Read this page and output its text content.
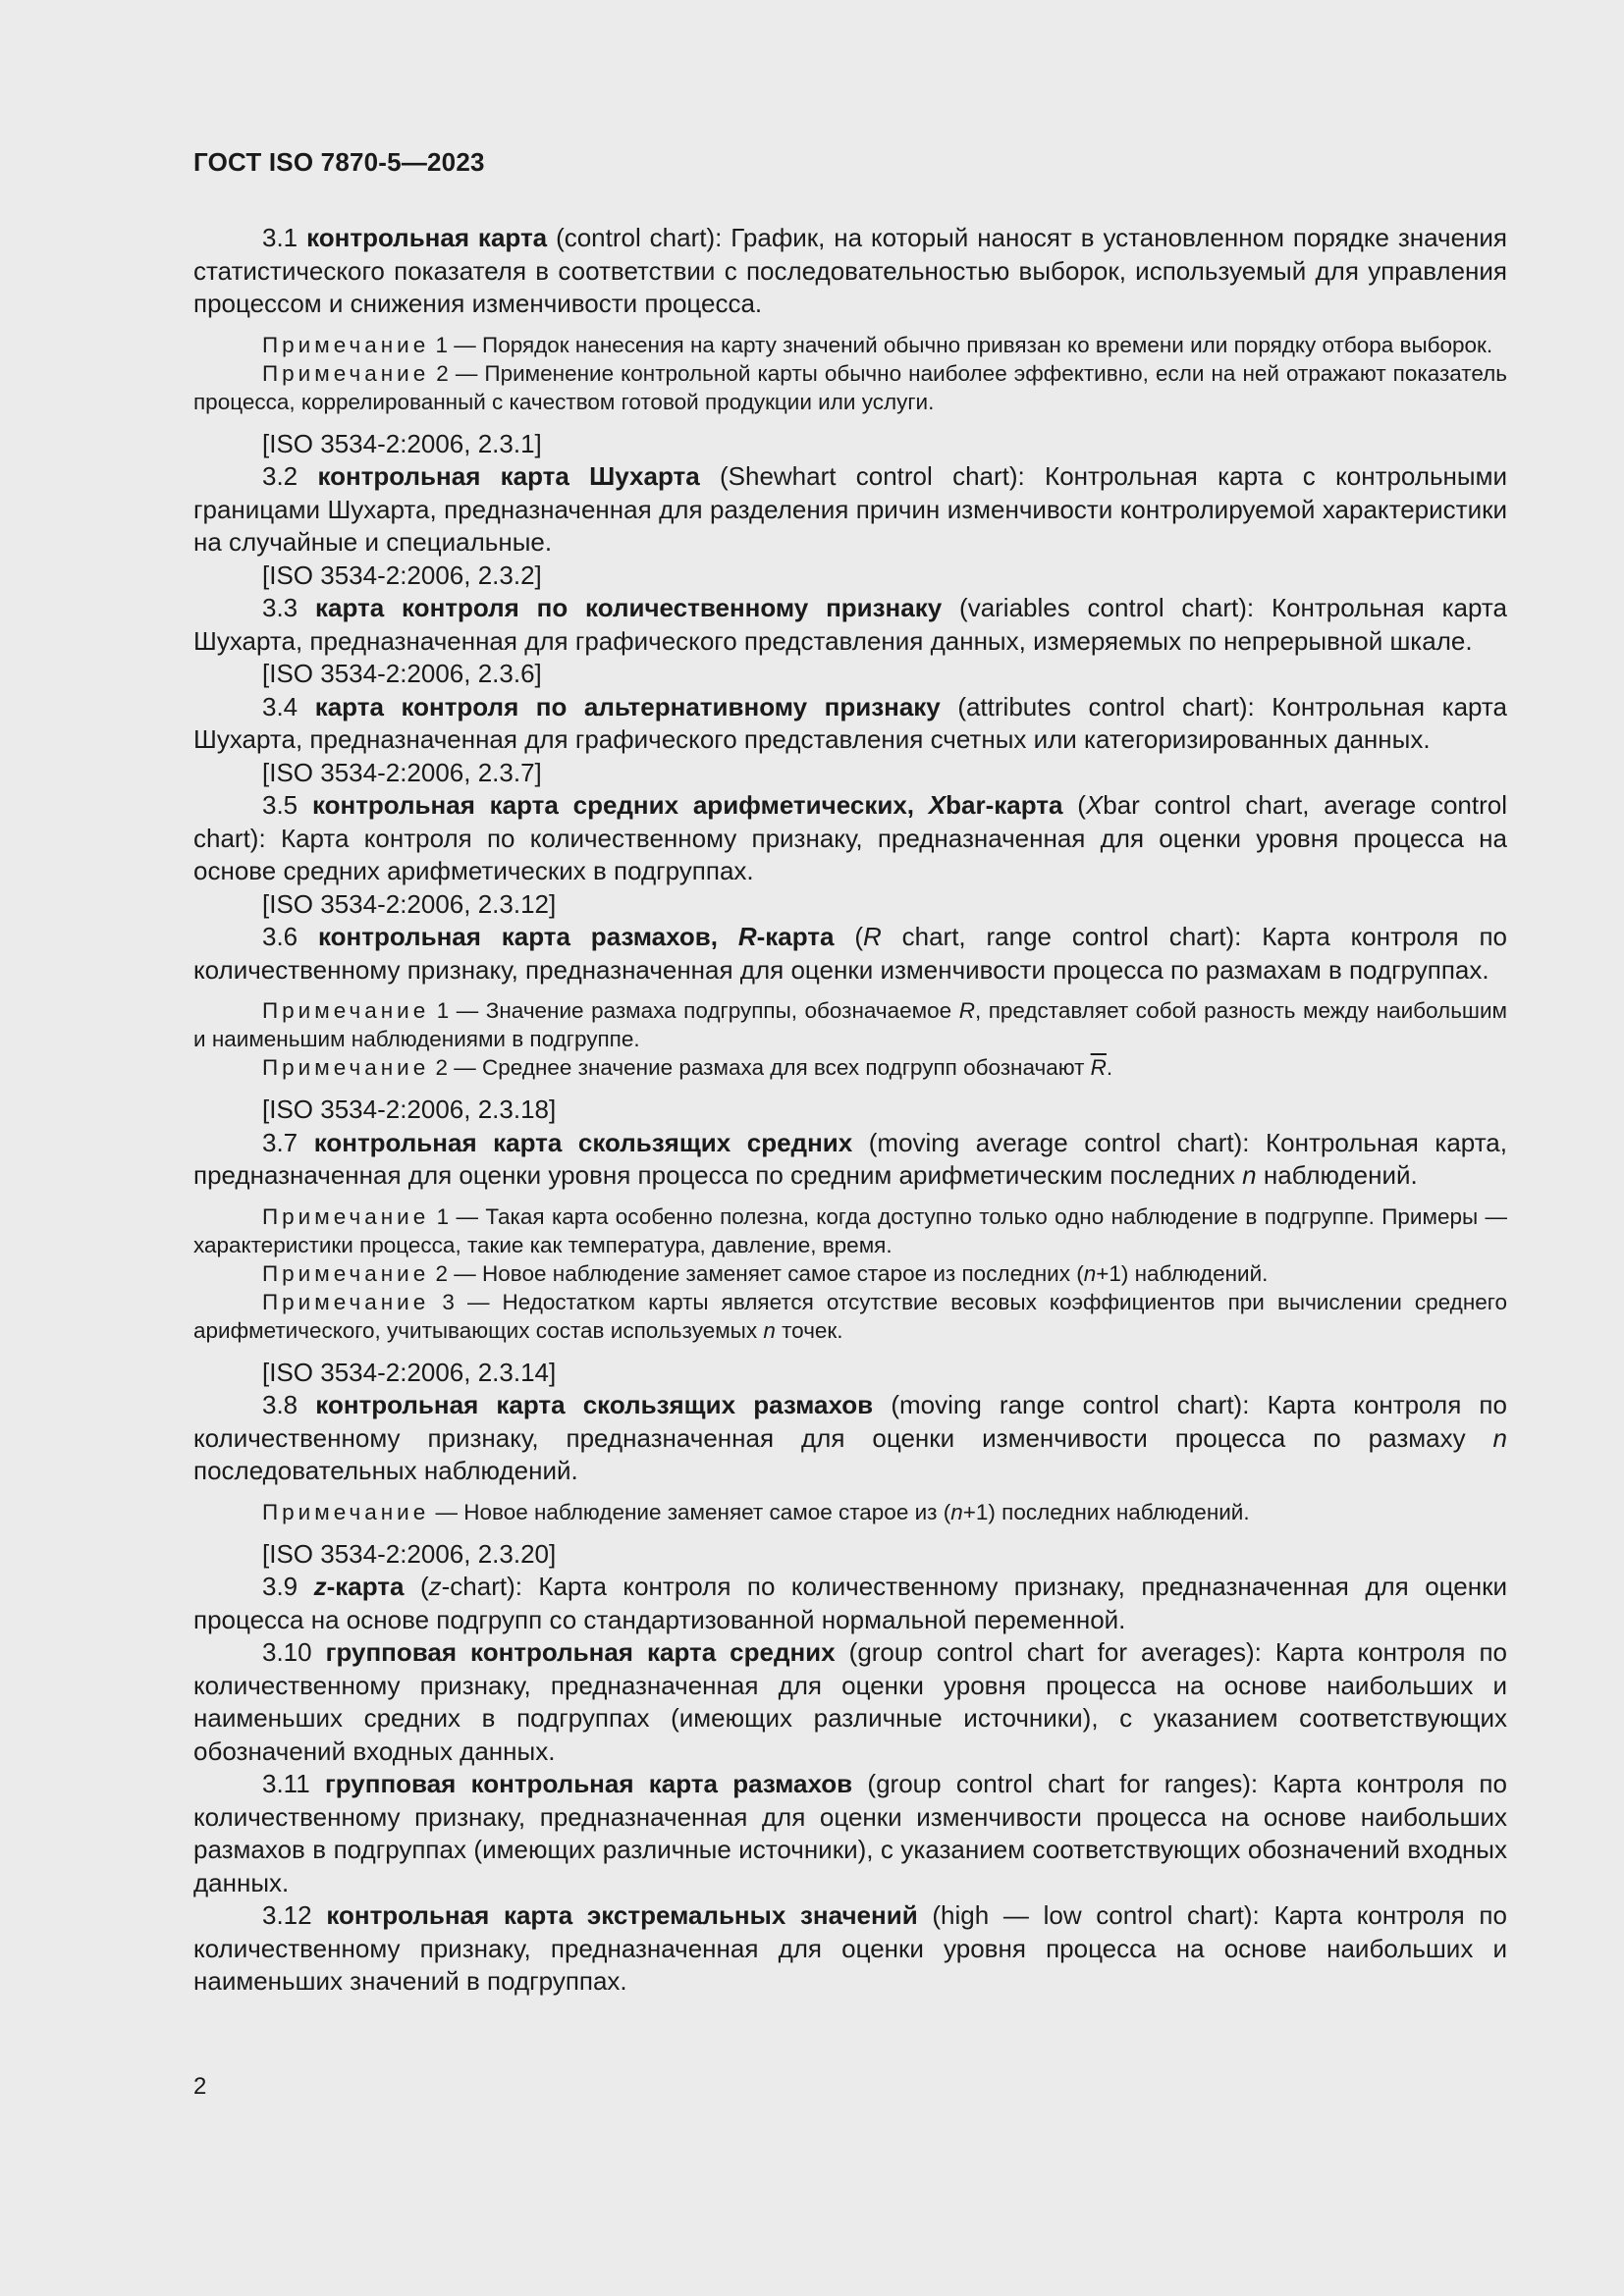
ГОСТ ISO 7870-5—2023

3.1 контрольная карта (control chart): График, на который наносят в установленном порядке значения статистического показателя в соответствии с последовательностью выборок, используемый для управления процессом и снижения изменчивости процесса.

Примечание 1 — Порядок нанесения на карту значений обычно привязан ко времени или порядку отбора выборок.

Примечание 2 — Применение контрольной карты обычно наиболее эффективно, если на ней отражают показатель процесса, коррелированный с качеством готовой продукции или услуги.

[ISO 3534-2:2006, 2.3.1]

3.2 контрольная карта Шухарта (Shewhart control chart): Контрольная карта с контрольными границами Шухарта, предназначенная для разделения причин изменчивости контролируемой характеристики на случайные и специальные.

[ISO 3534-2:2006, 2.3.2]

3.3 карта контроля по количественному признаку (variables control chart): Контрольная карта Шухарта, предназначенная для графического представления данных, измеряемых по непрерывной шкале.

[ISO 3534-2:2006, 2.3.6]

3.4 карта контроля по альтернативному признаку (attributes control chart): Контрольная карта Шухарта, предназначенная для графического представления счетных или категоризированных данных.

[ISO 3534-2:2006, 2.3.7]

3.5 контрольная карта средних арифметических, Xbar-карта (Xbar control chart, average control chart): Карта контроля по количественному признаку, предназначенная для оценки уровня процесса на основе средних арифметических в подгруппах.

[ISO 3534-2:2006, 2.3.12]

3.6 контрольная карта размахов, R-карта (R chart, range control chart): Карта контроля по количественному признаку, предназначенная для оценки изменчивости процесса по размахам в подгруппах.

Примечание 1 — Значение размаха подгруппы, обозначаемое R, представляет собой разность между наибольшим и наименьшим наблюдениями в подгруппе.

Примечание 2 — Среднее значение размаха для всех подгрупп обозначают $\overline{R}$.

[ISO 3534-2:2006, 2.3.18]

3.7 контрольная карта скользящих средних (moving average control chart): Контрольная карта, предназначенная для оценки уровня процесса по средним арифметическим последних n наблюдений.

Примечание 1 — Такая карта особенно полезна, когда доступно только одно наблюдение в подгруппе. Примеры — характеристики процесса, такие как температура, давление, время.

Примечание 2 — Новое наблюдение заменяет самое старое из последних (n+1) наблюдений.

Примечание 3 — Недостатком карты является отсутствие весовых коэффициентов при вычислении среднего арифметического, учитывающих состав используемых n точек.

[ISO 3534-2:2006, 2.3.14]

3.8 контрольная карта скользящих размахов (moving range control chart): Карта контроля по количественному признаку, предназначенная для оценки изменчивости процесса по размаху n последовательных наблюдений.

Примечание — Новое наблюдение заменяет самое старое из (n+1) последних наблюдений.

[ISO 3534-2:2006, 2.3.20]

3.9 z-карта (z-chart): Карта контроля по количественному признаку, предназначенная для оценки процесса на основе подгрупп со стандартизованной нормальной переменной.

3.10 групповая контрольная карта средних (group control chart for averages): Карта контроля по количественному признаку, предназначенная для оценки уровня процесса на основе наибольших и наименьших средних в подгруппах (имеющих различные источники), с указанием соответствующих обозначений входных данных.

3.11 групповая контрольная карта размахов (group control chart for ranges): Карта контроля по количественному признаку, предназначенная для оценки изменчивости процесса на основе наибольших размахов в подгруппах (имеющих различные источники), с указанием соответствующих обозначений входных данных.

3.12 контрольная карта экстремальных значений (high — low control chart): Карта контроля по количественному признаку, предназначенная для оценки уровня процесса на основе наибольших и наименьших значений в подгруппах.

2
